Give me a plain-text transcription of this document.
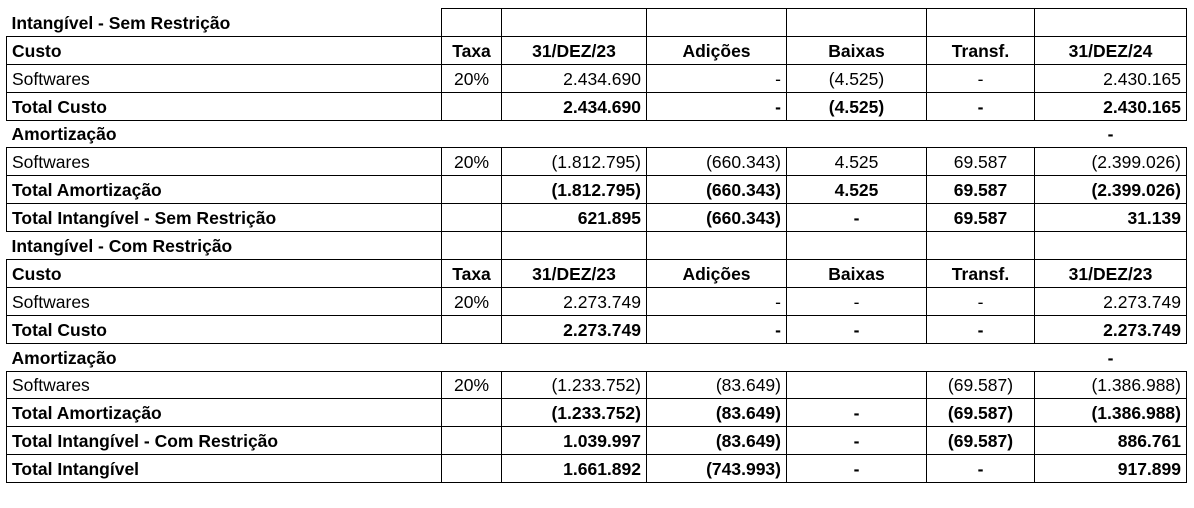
Intangível - Sem Restrição						
Custo	Taxa	31/DEZ/23	Adições	Baixas	Transf.	31/DEZ/24
Softwares	20%	2.434.690	-	(4.525)	-	2.430.165
Total Custo		2.434.690	-	(4.525)	-	2.430.165
Amortização						-
Softwares	20%	(1.812.795)	(660.343)	4.525	69.587	(2.399.026)
Total Amortização		(1.812.795)	(660.343)	4.525	69.587	(2.399.026)
Total Intangível - Sem Restrição		621.895	(660.343)	-	69.587	31.139
Intangível - Com Restrição						
Custo	Taxa	31/DEZ/23	Adições	Baixas	Transf.	31/DEZ/23
Softwares	20%	2.273.749	-	-	-	2.273.749
Total Custo		2.273.749	-	-	-	2.273.749
Amortização						-
Softwares	20%	(1.233.752)	(83.649)		(69.587)	(1.386.988)
Total Amortização		(1.233.752)	(83.649)	-	(69.587)	(1.386.988)
Total Intangível - Com Restrição		1.039.997	(83.649)	-	(69.587)	886.761
Total Intangível		1.661.892	(743.993)	-	-	917.899
